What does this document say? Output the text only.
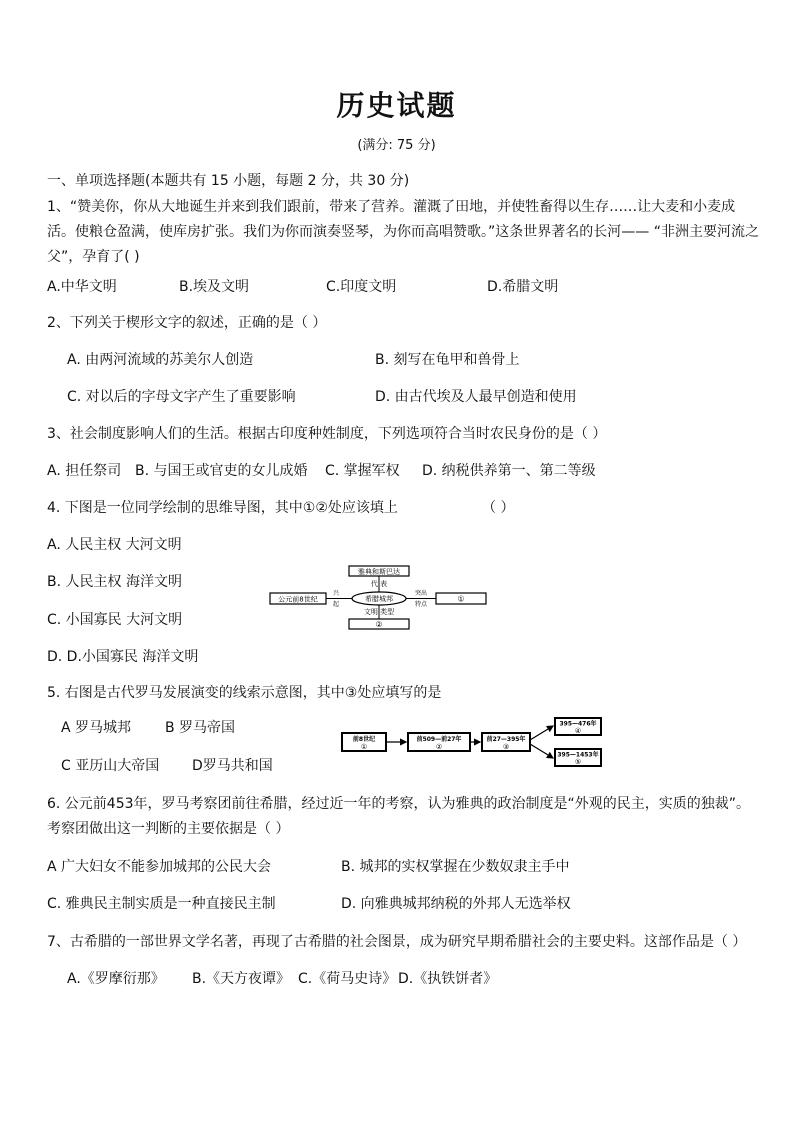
历史试题
(满分: 75 分)
一、单项选择题(本题共有 15 小题，每题 2 分，共 30 分)
1、“赞美你，你从大地诞生并来到我们跟前，带来了营养。灌溉了田地，并使牲畜得以生存……让大麦和小麦成活。使粮仓盈满，使库房扩张。我们为你而演奏竖琴，为你而高唱赞歌。”这条世界著名的长河—— “非洲主要河流之父”，孕育了( )
A.中华文明	B.埃及文明	C.印度文明	D.希腊文明
2、下列关于楔形文字的叙述，正确的是（ ）
A. 由两河流域的苏美尔人创造	B. 刻写在龟甲和兽骨上
C. 对以后的字母文字产生了重要影响	D. 由古代埃及人最早创造和使用
3、社会制度影响人们的生活。根据古印度种姓制度，下列选项符合当时农民身份的是（ ）
A. 担任祭司 B. 与国王或官吏的女儿成婚 C. 掌握军权 D. 纳税供养第一、第二等级
4. 下图是一位同学绘制的思维导图，其中①②处应该填上	（ ）
A. 人民主权 大河文明
B. 人民主权 海洋文明
C. 小国寡民 大河文明
D. D.小国寡民 海洋文明
雅典和斯巴达
代 表
公元前8世纪
兴
起
希腊城邦
突出
特点
①
文明 类型
②
5. 右图是古代罗马发展演变的线索示意图，其中③处应填写的是
A 罗马城邦 B 罗马帝国
C 亚历山大帝国 D罗马共和国
前8世纪
①
前509—前27年
②
前27—395年
③
395—476年
④
395—1453年
⑤
6. 公元前453年，罗马考察团前往希腊，经过近一年的考察，认为雅典的政治制度是“外观的民主，实质的独裁”。考察团做出这一判断的主要依据是（ ）
A 广大妇女不能参加城邦的公民大会	B. 城邦的实权掌握在少数奴隶主手中
C. 雅典民主制实质是一种直接民主制	D. 向雅典城邦纳税的外邦人无选举权
7、古希腊的一部世界文学名著，再现了古希腊的社会图景，成为研究早期希腊社会的主要史料。这部作品是（ ）
A.《罗摩衍那》 B.《天方夜谭》 C.《荷马史诗》 D.《执铁饼者》
